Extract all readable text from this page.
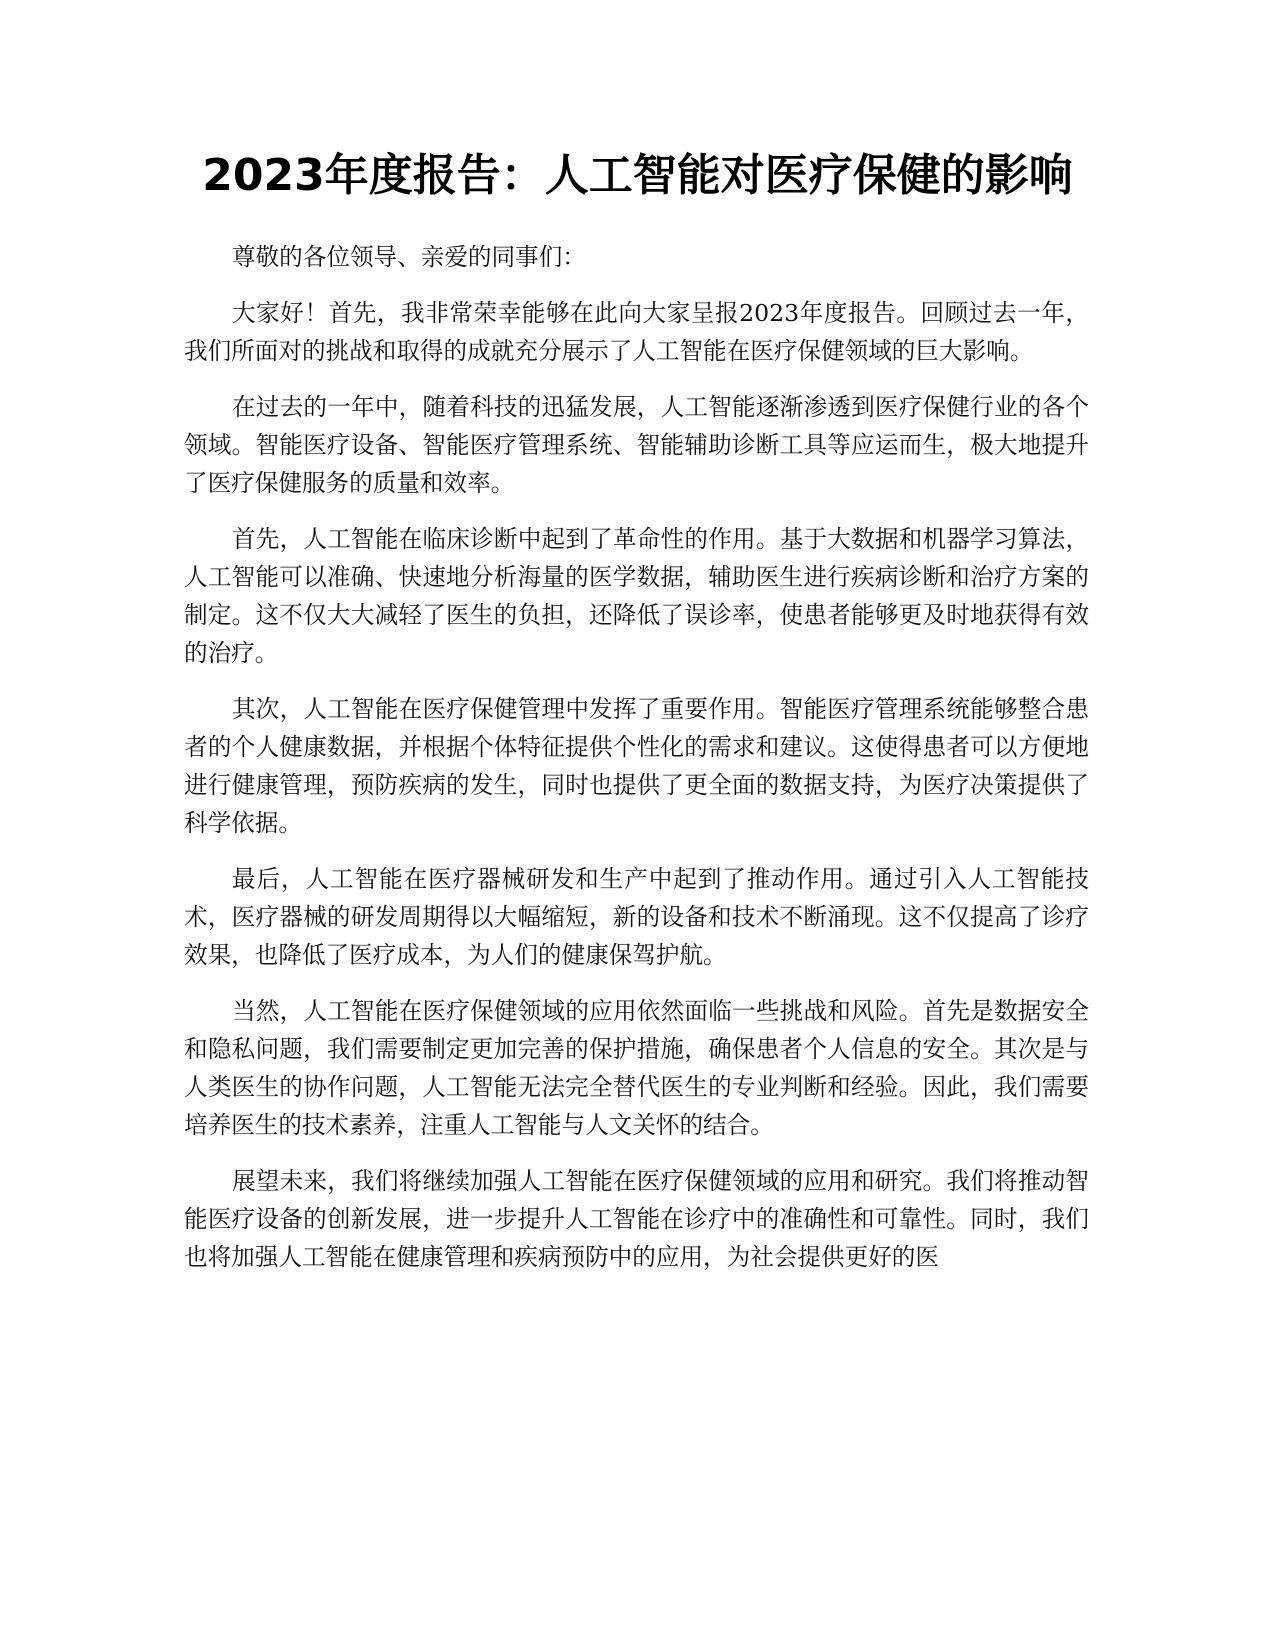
2023年度报告：人工智能对医疗保健的影响

尊敬的各位领导、亲爱的同事们：

大家好！首先，我非常荣幸能够在此向大家呈报2023年度报告。回顾过去一年，我们所面对的挑战和取得的成就充分展示了人工智能在医疗保健领域的巨大影响。

在过去的一年中，随着科技的迅猛发展，人工智能逐渐渗透到医疗保健行业的各个领域。智能医疗设备、智能医疗管理系统、智能辅助诊断工具等应运而生，极大地提升了医疗保健服务的质量和效率。

首先，人工智能在临床诊断中起到了革命性的作用。基于大数据和机器学习算法，人工智能可以准确、快速地分析海量的医学数据，辅助医生进行疾病诊断和治疗方案的制定。这不仅大大减轻了医生的负担，还降低了误诊率，使患者能够更及时地获得有效的治疗。

其次，人工智能在医疗保健管理中发挥了重要作用。智能医疗管理系统能够整合患者的个人健康数据，并根据个体特征提供个性化的需求和建议。这使得患者可以方便地进行健康管理，预防疾病的发生，同时也提供了更全面的数据支持，为医疗决策提供了科学依据。

最后，人工智能在医疗器械研发和生产中起到了推动作用。通过引入人工智能技术，医疗器械的研发周期得以大幅缩短，新的设备和技术不断涌现。这不仅提高了诊疗效果，也降低了医疗成本，为人们的健康保驾护航。

当然，人工智能在医疗保健领域的应用依然面临一些挑战和风险。首先是数据安全和隐私问题，我们需要制定更加完善的保护措施，确保患者个人信息的安全。其次是与人类医生的协作问题，人工智能无法完全替代医生的专业判断和经验。因此，我们需要培养医生的技术素养，注重人工智能与人文关怀的结合。

展望未来，我们将继续加强人工智能在医疗保健领域的应用和研究。我们将推动智能医疗设备的创新发展，进一步提升人工智能在诊疗中的准确性和可靠性。同时，我们也将加强人工智能在健康管理和疾病预防中的应用，为社会提供更好的医
